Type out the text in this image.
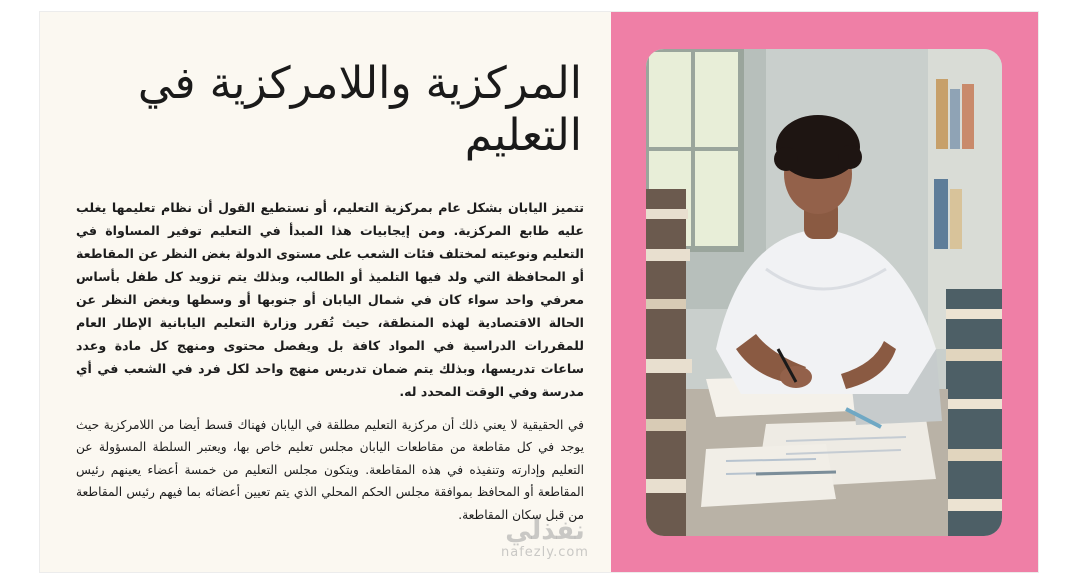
المركزية واللامركزية في التعليم

تتميز اليابان بشكل عام بمركزية التعليم، أو نستطيع القول أن نظام تعليمها يغلب عليه طابع المركزية. ومن إيجابيات هذا المبدأ في التعليم توفير المساواة في التعليم ونوعيته لمختلف فئات الشعب على مستوى الدولة بغض النظر عن المقاطعة أو المحافظة التي ولد فيها التلميذ أو الطالب، وبذلك يتم تزويد كل طفل بأساس معرفي واحد سواء كان في شمال اليابان أو جنوبها أو وسطها وبغض النظر عن الحالة الاقتصادية لهذه المنطقة، حيث تُقرر وزارة التعليم اليابانية الإطار العام للمقررات الدراسية في المواد كافة بل ويفصل محتوى ومنهج كل مادة وعدد ساعات تدريسها، وبذلك يتم ضمان تدريس منهج واحد لكل فرد في الشعب في أي مدرسة وفي الوقت المحدد له.

في الحقيقية لا يعني ذلك أن مركزية التعليم مطلقة في اليابان فهناك قسط أيضا من اللامركزية حيث يوجد في كل مقاطعة من مقاطعات اليابان مجلس تعليم خاص بها، ويعتبر السلطة المسؤولة عن التعليم وإدارته وتنفيذه في هذه المقاطعة. ويتكون مجلس التعليم من خمسة أعضاء يعينهم رئيس المقاطعة أو المحافظ بموافقة مجلس الحكم المحلي الذي يتم تعيين أعضائه بما فيهم رئيس المقاطعة من قبل سكان المقاطعة.

نفذلي
nafezly.com
